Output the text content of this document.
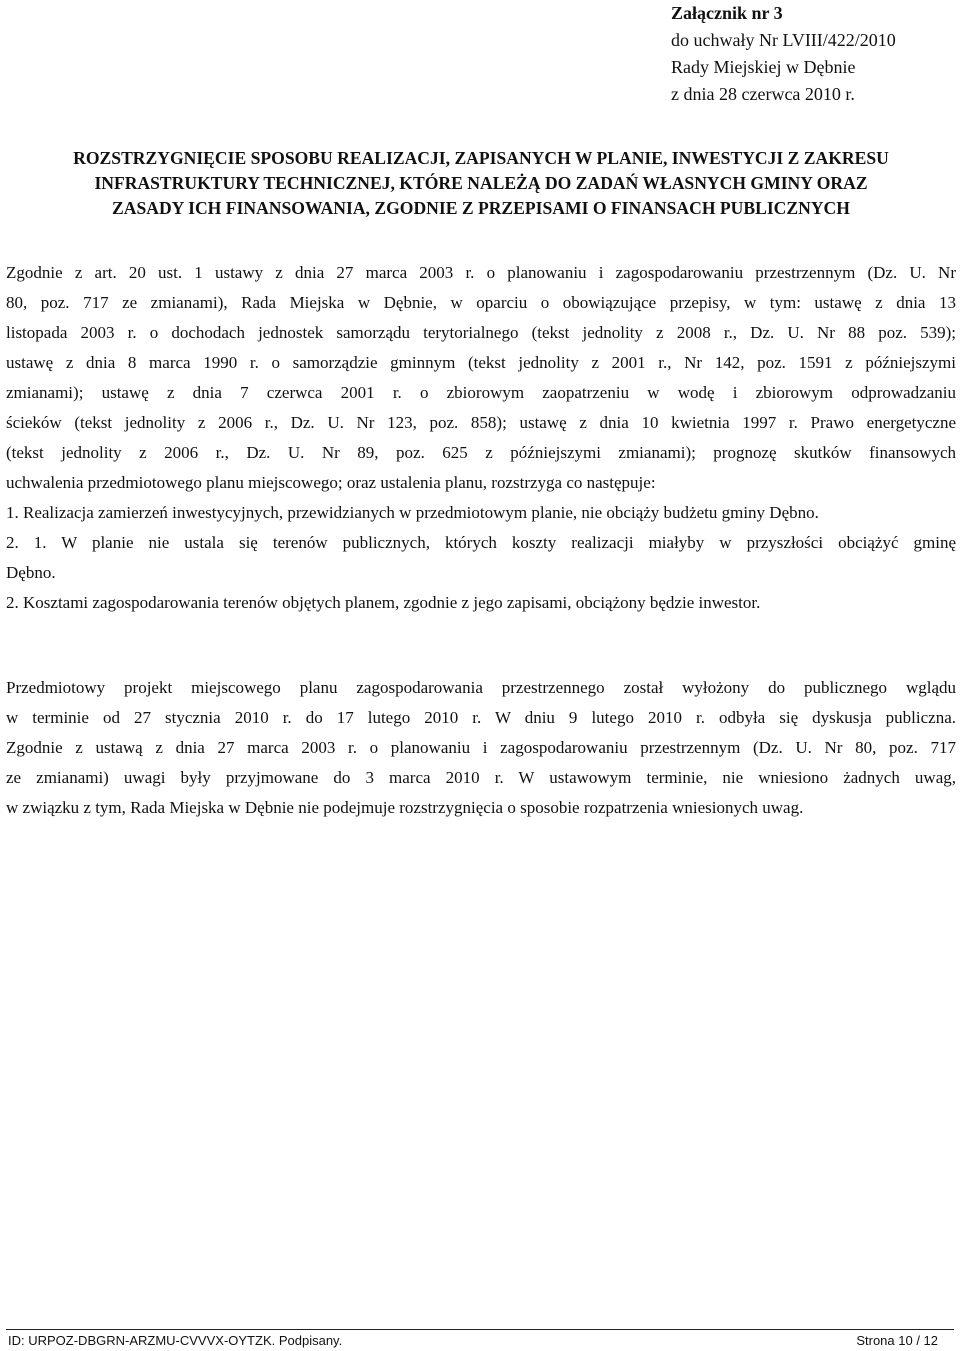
Załącznik nr 3
do uchwały Nr LVIII/422/2010
Rady Miejskiej w Dębnie
z dnia 28 czerwca 2010 r.
ROZSTRZYGNIĘCIE SPOSOBU REALIZACJI, ZAPISANYCH W PLANIE, INWESTYCJI Z ZAKRESU
INFRASTRUKTURY TECHNICZNEJ, KTÓRE NALEŻĄ DO ZADAŃ WŁASNYCH GMINY ORAZ
ZASADY ICH FINANSOWANIA, ZGODNIE Z PRZEPISAMI O FINANSACH PUBLICZNYCH

Zgodnie z art. 20 ust. 1 ustawy z dnia 27 marca 2003 r. o planowaniu i zagospodarowaniu przestrzennym (Dz. U. Nr

80, poz. 717 ze zmianami), Rada Miejska w Dębnie, w oparciu o obowiązujące przepisy, w tym: ustawę z dnia 13

listopada 2003 r. o dochodach jednostek samorządu terytorialnego (tekst jednolity z 2008 r., Dz. U. Nr 88 poz. 539);

ustawę z dnia 8 marca 1990 r. o samorządzie gminnym (tekst jednolity z 2001 r., Nr 142, poz. 1591 z późniejszymi

zmianami); ustawę z dnia 7 czerwca 2001 r. o zbiorowym zaopatrzeniu w wodę i zbiorowym odprowadzaniu

ścieków (tekst jednolity z 2006 r., Dz. U. Nr 123, poz. 858); ustawę z dnia 10 kwietnia 1997 r. Prawo energetyczne

(tekst jednolity z 2006 r., Dz. U. Nr 89, poz. 625 z późniejszymi zmianami); prognozę skutków finansowych

uchwalenia przedmiotowego planu miejscowego; oraz ustalenia planu, rozstrzyga co następuje:

1. Realizacja zamierzeń inwestycyjnych, przewidzianych w przedmiotowym planie, nie obciąży budżetu gminy Dębno.

2. 1. W planie nie ustala się terenów publicznych, których koszty realizacji miałyby w przyszłości obciążyć gminę

Dębno.

2. Kosztami zagospodarowania terenów objętych planem, zgodnie z jego zapisami, obciążony będzie inwestor.

Przedmiotowy projekt miejscowego planu zagospodarowania przestrzennego został wyłożony do publicznego wglądu

w terminie od 27 stycznia 2010 r. do 17 lutego 2010 r. W dniu 9 lutego 2010 r. odbyła się dyskusja publiczna.

Zgodnie z ustawą z dnia 27 marca 2003 r. o planowaniu i zagospodarowaniu przestrzennym (Dz. U. Nr 80, poz. 717

ze zmianami) uwagi były przyjmowane do 3 marca 2010 r. W ustawowym terminie, nie wniesiono żadnych uwag,

w związku z tym, Rada Miejska w Dębnie nie podejmuje rozstrzygnięcia o sposobie rozpatrzenia wniesionych uwag.

ID: URPOZ-DBGRN-ARZMU-CVVVX-OYTZK. Podpisany.	Strona 10 / 12
